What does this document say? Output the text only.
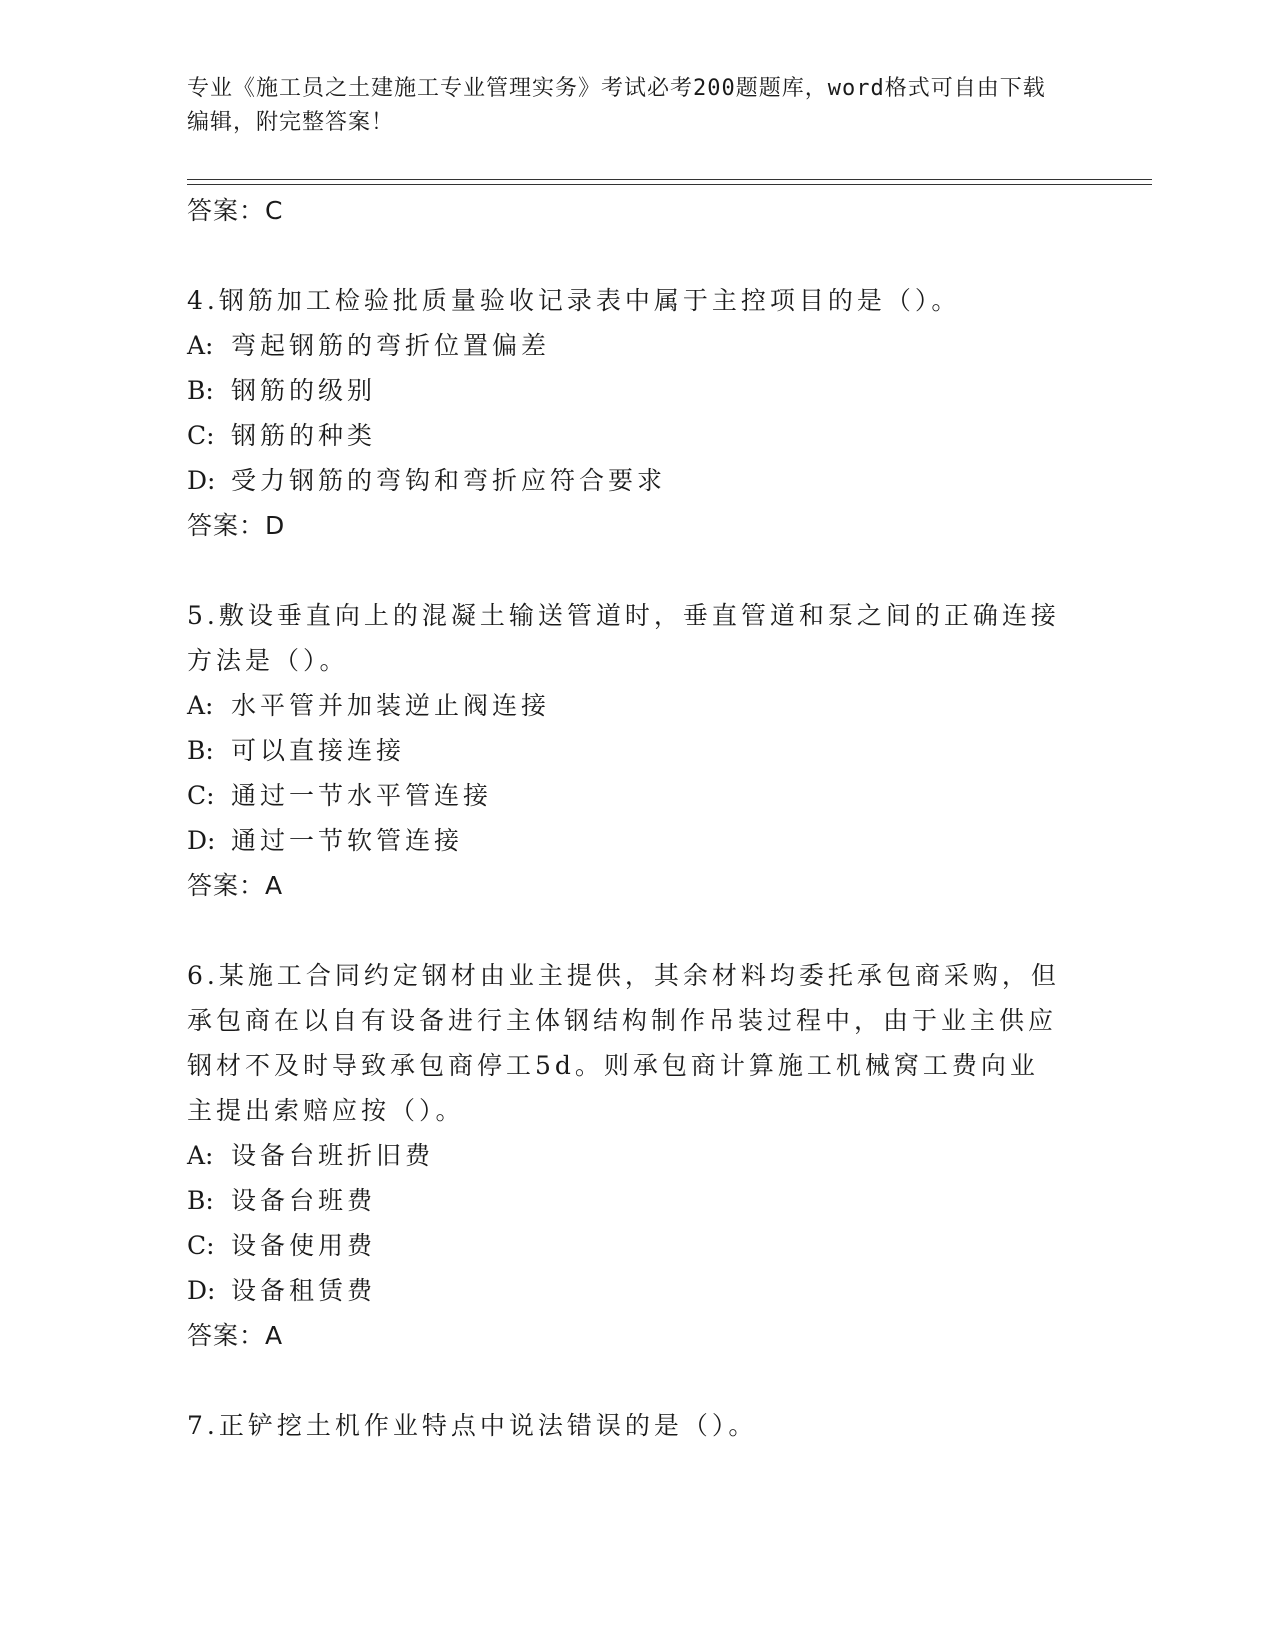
专业《施工员之土建施工专业管理实务》考试必考200题题库，word格式可自由下载编辑，附完整答案！
答案：C
4.钢筋加工检验批质量验收记录表中属于主控项目的是（）。
A: 弯起钢筋的弯折位置偏差
B: 钢筋的级别
C: 钢筋的种类
D: 受力钢筋的弯钩和弯折应符合要求
答案：D
5.敷设垂直向上的混凝土输送管道时，垂直管道和泵之间的正确连接方法是（）。
A: 水平管并加装逆止阀连接
B: 可以直接连接
C: 通过一节水平管连接
D: 通过一节软管连接
答案：A
6.某施工合同约定钢材由业主提供，其余材料均委托承包商采购，但承包商在以自有设备进行主体钢结构制作吊装过程中，由于业主供应钢材不及时导致承包商停工5d。则承包商计算施工机械窝工费向业主提出索赔应按（）。
A: 设备台班折旧费
B: 设备台班费
C: 设备使用费
D: 设备租赁费
答案：A
7.正铲挖土机作业特点中说法错误的是（）。
